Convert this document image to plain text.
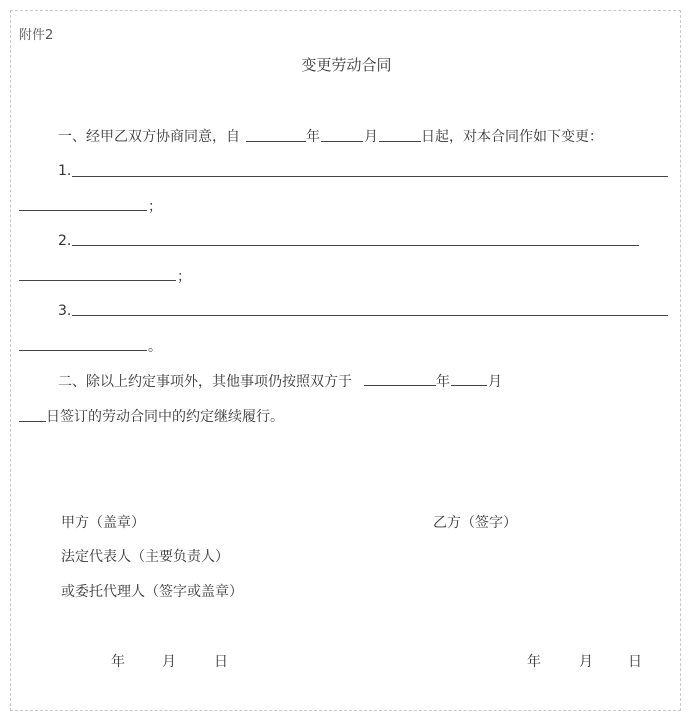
附件2
变更劳动合同
一、经甲乙双方协商同意，自	年	月	日起，对本合同作如下变更：
1.
；
2.
；
3.
。
二、除以上约定事项外，其他事项仍按照双方于	年	月
日签订的劳动合同中的约定继续履行。
甲方（盖章）	乙方（签字）
法定代表人（主要负责人）
或委托代理人（签字或盖章）
年	月	日	年	月	日
